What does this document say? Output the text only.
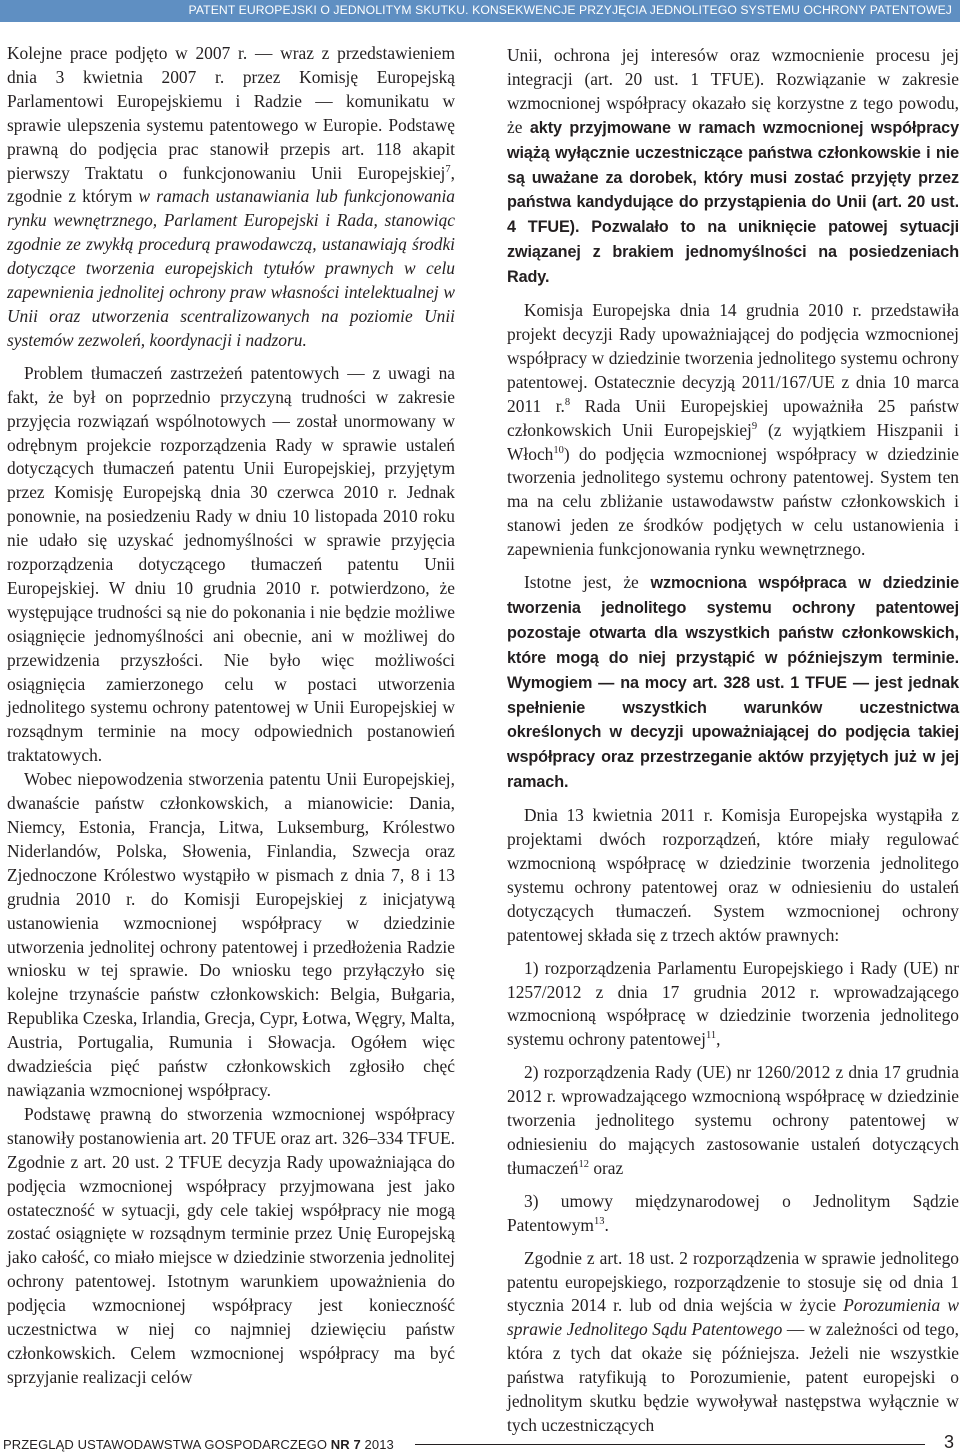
PATENT EUROPEJSKI O JEDNOLITYM SKUTKU. KONSEKWENCJE PRZYJĘCIA JEDNOLITEGO SYSTEMU OCHRONY PATENTOWEJ

Kolejne prace podjęto w 2007 r. — wraz z przedstawieniem dnia 3 kwietnia 2007 r. przez Komisję Europejską Parlamentowi Europejskiemu i Radzie — komunikatu w sprawie ulepszenia systemu patentowego w Europie. Podstawę prawną do podjęcia prac stanowił przepis art. 118 akapit pierwszy Traktatu o funkcjonowaniu Unii Europejskiej$^7$, zgodnie z którym w ramach ustanawiania lub funkcjonowania rynku wewnętrznego, Parlament Europejski i Rada, stanowiąc zgodnie ze zwykłą procedurą prawodawczą, ustanawiają środki dotyczące tworzenia europejskich tytułów prawnych w celu zapewnienia jednolitej ochrony praw własności intelektualnej w Unii oraz utworzenia scentralizowanych na poziomie Unii systemów zezwoleń, koordynacji i nadzoru.

Problem tłumaczeń zastrzeżeń patentowych — z uwagi na fakt, że był on poprzednio przyczyną trudności w zakresie przyjęcia rozwiązań wspólnotowych — został unormowany w odrębnym projekcie rozporządzenia Rady w sprawie ustaleń dotyczących tłumaczeń patentu Unii Europejskiej, przyjętym przez Komisję Europejską dnia 30 czerwca 2010 r. Jednak ponownie, na posiedzeniu Rady w dniu 10 listopada 2010 roku nie udało się uzyskać jednomyślności w sprawie przyjęcia rozporządzenia dotyczącego tłumaczeń patentu Unii Europejskiej. W dniu 10 grudnia 2010 r. potwierdzono, że występujące trudności są nie do pokonania i nie będzie możliwe osiągnięcie jednomyślności ani obecnie, ani w możliwej do przewidzenia przyszłości. Nie było więc możliwości osiągnięcia zamierzonego celu w postaci utworzenia jednolitego systemu ochrony patentowej w Unii Europejskiej w rozsądnym terminie na mocy odpowiednich postanowień traktatowych.

Wobec niepowodzenia stworzenia patentu Unii Europejskiej, dwanaście państw członkowskich, a mianowicie: Dania, Niemcy, Estonia, Francja, Litwa, Luksemburg, Królestwo Niderlandów, Polska, Słowenia, Finlandia, Szwecja oraz Zjednoczone Królestwo wystąpiło w pismach z dnia 7, 8 i 13 grudnia 2010 r. do Komisji Europejskiej z inicjatywą ustanowienia wzmocnionej współpracy w dziedzinie utworzenia jednolitej ochrony patentowej i przedłożenia Radzie wniosku w tej sprawie. Do wniosku tego przyłączyło się kolejne trzynaście państw członkowskich: Belgia, Bułgaria, Republika Czeska, Irlandia, Grecja, Cypr, Łotwa, Węgry, Malta, Austria, Portugalia, Rumunia i Słowacja. Ogółem więc dwadzieścia pięć państw członkowskich zgłosiło chęć nawiązania wzmocnionej współpracy.

Podstawę prawną do stworzenia wzmocnionej współpracy stanowiły postanowienia art. 20 TFUE oraz art. 326–334 TFUE. Zgodnie z art. 20 ust. 2 TFUE decyzja Rady upoważniająca do podjęcia wzmocnionej współpracy przyjmowana jest jako ostateczność w sytuacji, gdy cele takiej współpracy nie mogą zostać osiągnięte w rozsądnym terminie przez Unię Europejską jako całość, co miało miejsce w dziedzinie stworzenia jednolitej ochrony patentowej. Istotnym warunkiem upoważnienia do podjęcia wzmocnionej współpracy jest konieczność uczestnictwa w niej co najmniej dziewięciu państw członkowskich. Celem wzmocnionej współpracy ma być sprzyjanie realizacji celów

Unii, ochrona jej interesów oraz wzmocnienie procesu jej integracji (art. 20 ust. 1 TFUE). Rozwiązanie w zakresie wzmocnionej współpracy okazało się korzystne z tego powodu, że akty przyjmowane w ramach wzmocnionej współpracy wiążą wyłącznie uczestniczące państwa członkowskie i nie są uważane za dorobek, który musi zostać przyjęty przez państwa kandydujące do przystąpienia do Unii (art. 20 ust. 4 TFUE). Pozwalało to na uniknięcie patowej sytuacji związanej z brakiem jednomyślności na posiedzeniach Rady.

Komisja Europejska dnia 14 grudnia 2010 r. przedstawiła projekt decyzji Rady upoważniającej do podjęcia wzmocnionej współpracy w dziedzinie tworzenia jednolitego systemu ochrony patentowej. Ostatecznie decyzją 2011/167/UE z dnia 10 marca 2011 r.$^8$ Rada Unii Europejskiej upoważniła 25 państw członkowskich Unii Europejskiej$^9$ (z wyjątkiem Hiszpanii i Włoch$^{10}$) do podjęcia wzmocnionej współpracy w dziedzinie tworzenia jednolitego systemu ochrony patentowej. System ten ma na celu zbliżanie ustawodawstw państw członkowskich i stanowi jeden ze środków podjętych w celu ustanowienia i zapewnienia funkcjonowania rynku wewnętrznego.

Istotne jest, że wzmocniona współpraca w dziedzinie tworzenia jednolitego systemu ochrony patentowej pozostaje otwarta dla wszystkich państw członkowskich, które mogą do niej przystąpić w późniejszym terminie. Wymogiem — na mocy art. 328 ust. 1 TFUE — jest jednak spełnienie wszystkich warunków uczestnictwa określonych w decyzji upoważniającej do podjęcia takiej współpracy oraz przestrzeganie aktów przyjętych już w jej ramach.

Dnia 13 kwietnia 2011 r. Komisja Europejska wystąpiła z projektami dwóch rozporządzeń, które miały regulować wzmocnioną współpracę w dziedzinie tworzenia jednolitego systemu ochrony patentowej oraz w odniesieniu do ustaleń dotyczących tłumaczeń. System wzmocnionej ochrony patentowej składa się z trzech aktów prawnych:

1) rozporządzenia Parlamentu Europejskiego i Rady (UE) nr 1257/2012 z dnia 17 grudnia 2012 r. wprowadzającego wzmocnioną współpracę w dziedzinie tworzenia jednolitego systemu ochrony patentowej$^{11}$,

2) rozporządzenia Rady (UE) nr 1260/2012 z dnia 17 grudnia 2012 r. wprowadzającego wzmocnioną współpracę w dziedzinie tworzenia jednolitego systemu ochrony patentowej w odniesieniu do mających zastosowanie ustaleń dotyczących tłumaczeń$^{12}$ oraz

3) umowy międzynarodowej o Jednolitym Sądzie Patentowym$^{13}$.

Zgodnie z art. 18 ust. 2 rozporządzenia w sprawie jednolitego patentu europejskiego, rozporządzenie to stosuje się od dnia 1 stycznia 2014 r. lub od dnia wejścia w życie Porozumienia w sprawie Jednolitego Sądu Patentowego — w zależności od tego, która z tych dat okaże się późniejsza. Jeżeli nie wszystkie państwa ratyfikują to Porozumienie, patent europejski o jednolitym skutku będzie wywoływał następstwa wyłącznie w tych uczestniczących

PRZEGLĄD USTAWODAWSTWA GOSPODARCZEGO NR 7 2013	3
